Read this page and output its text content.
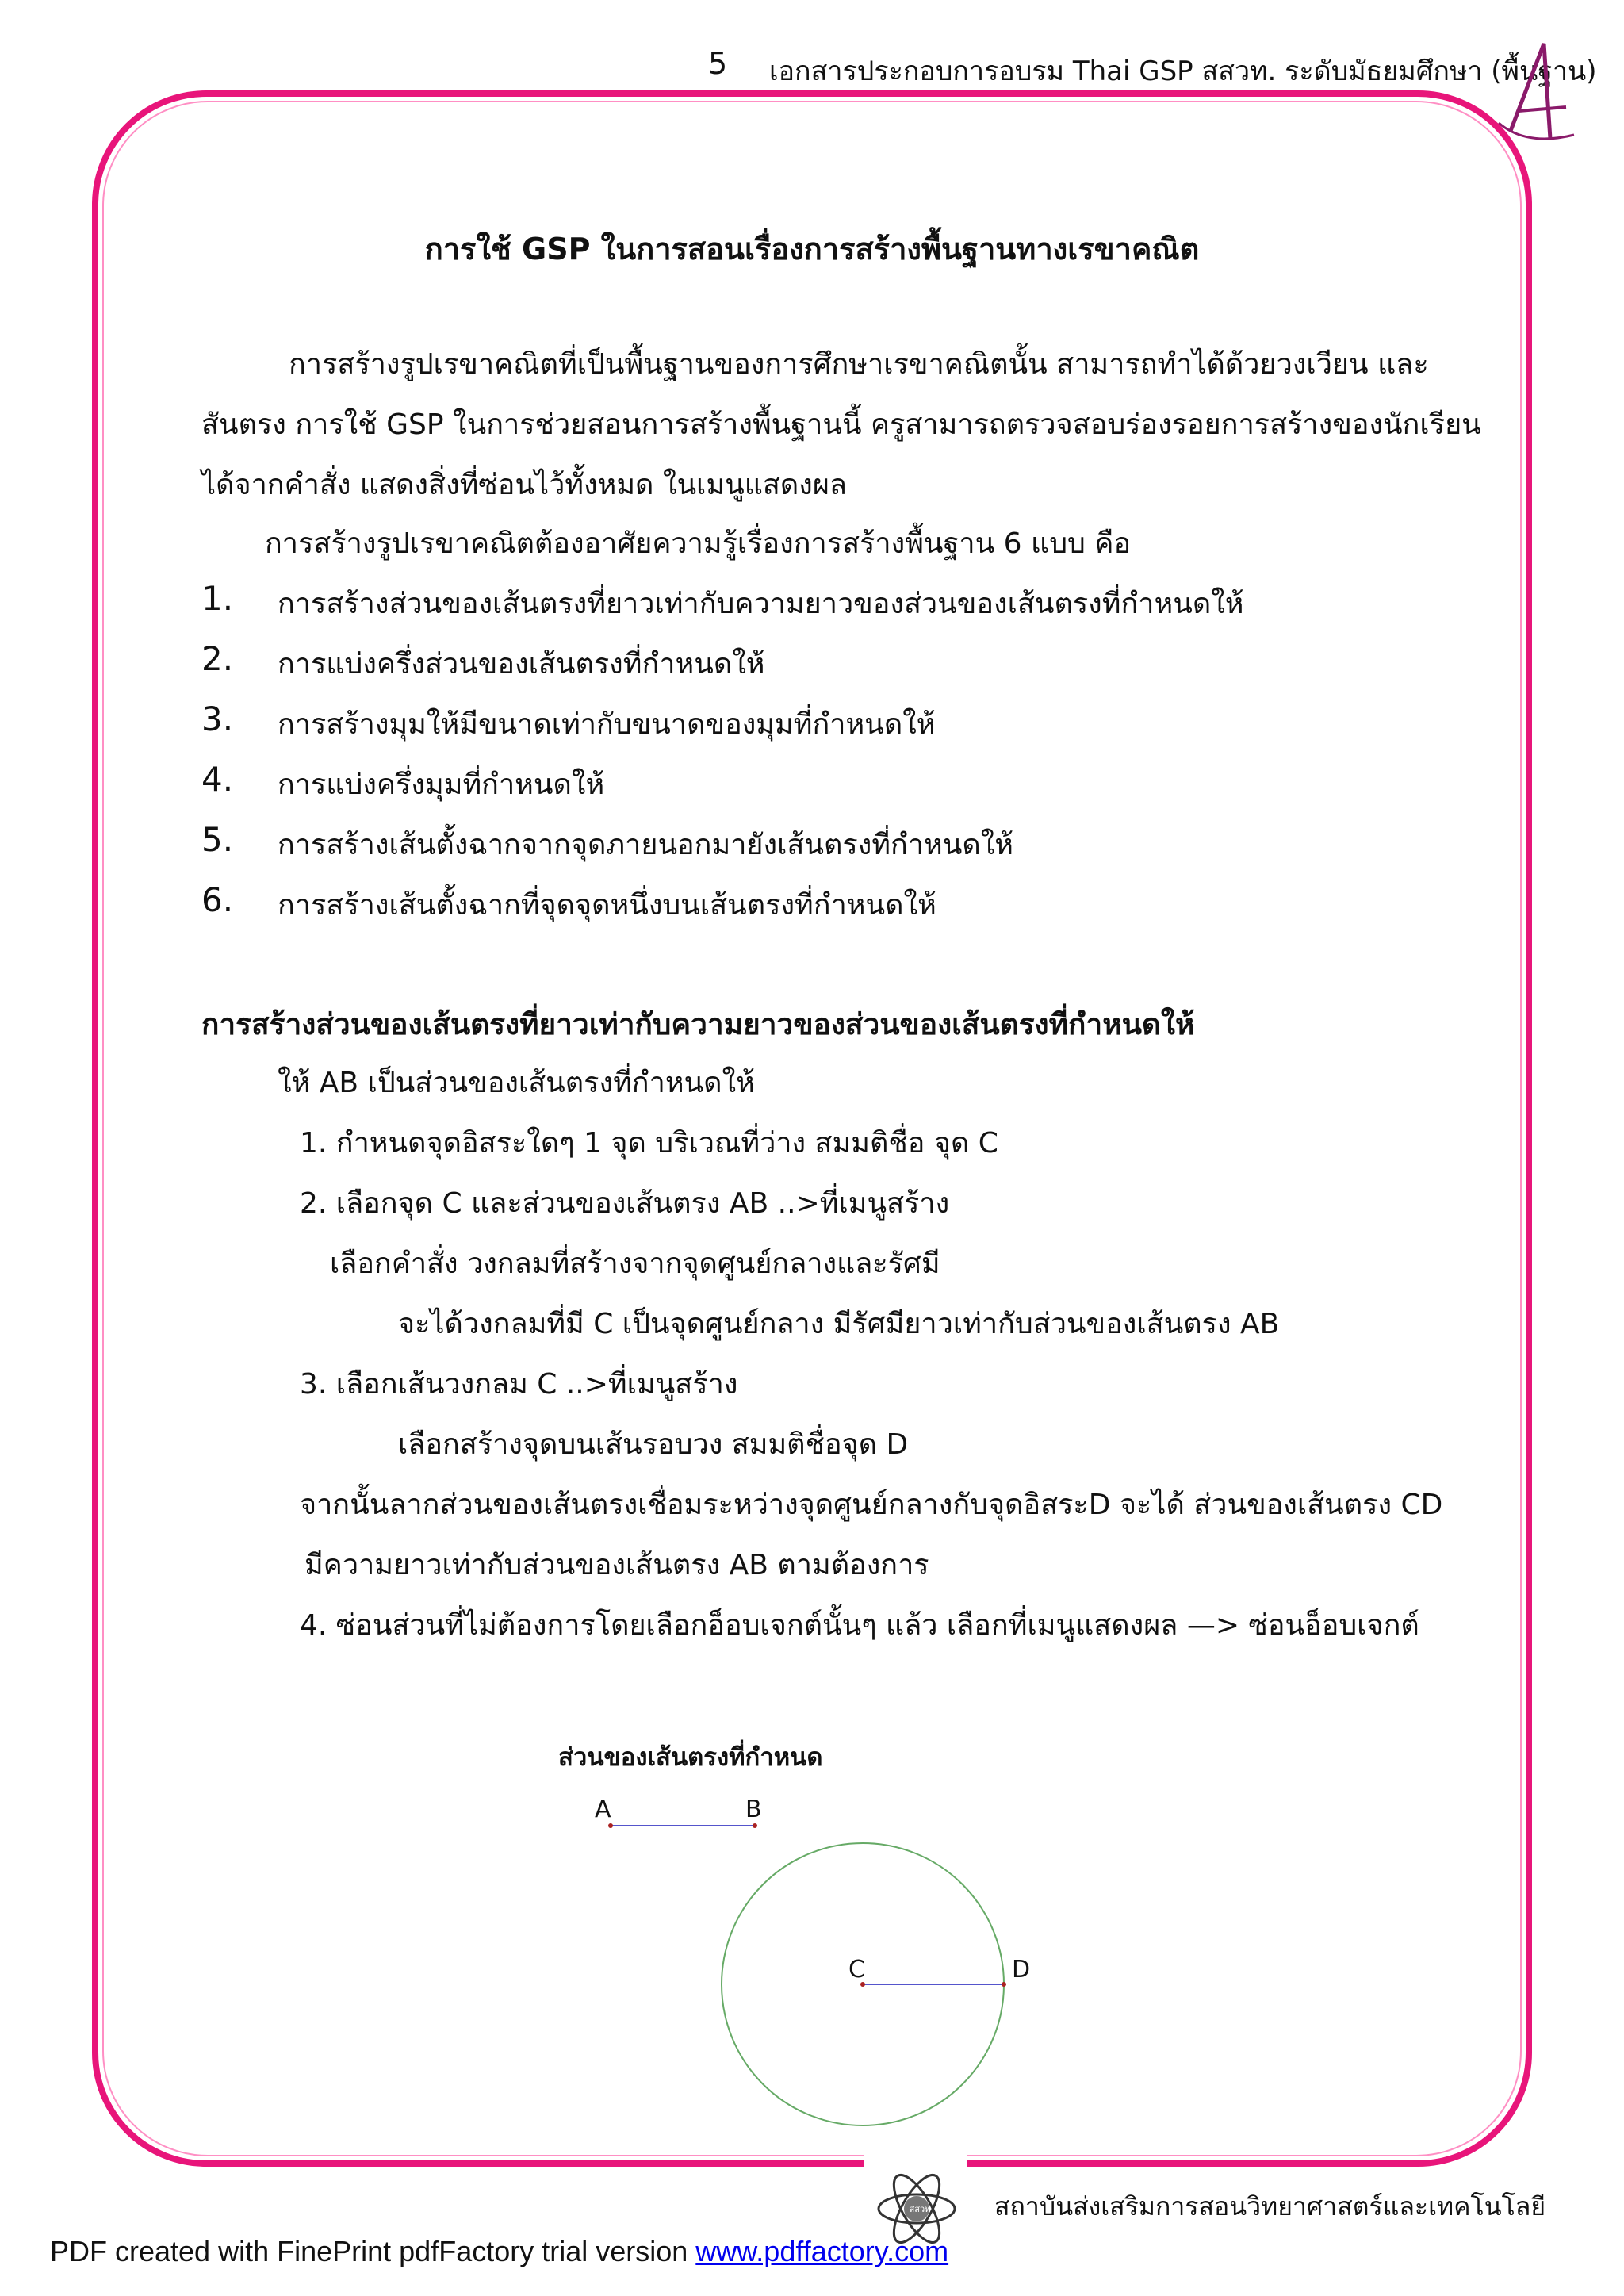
5 เอกสารประกอบการอบรม Thai GSP สสวท. ระดับมัธยมศึกษา (พื้นฐาน)
การใช้ GSP ในการสอนเรื่องการสร้างพื้นฐานทางเรขาคณิต
การสร้างรูปเรขาคณิตที่เป็นพื้นฐานของการศึกษาเรขาคณิตนั้น สามารถทำได้ด้วยวงเวียน และ
สันตรง การใช้ GSP ในการช่วยสอนการสร้างพื้นฐานนี้ ครูสามารถตรวจสอบร่องรอยการสร้างของนักเรียน
ได้จากคำสั่ง แสดงสิ่งที่ซ่อนไว้ทั้งหมด ในเมนูแสดงผล
การสร้างรูปเรขาคณิตต้องอาศัยความรู้เรื่องการสร้างพื้นฐาน 6 แบบ คือ
1. การสร้างส่วนของเส้นตรงที่ยาวเท่ากับความยาวของส่วนของเส้นตรงที่กำหนดให้
2. การแบ่งครึ่งส่วนของเส้นตรงที่กำหนดให้
3. การสร้างมุมให้มีขนาดเท่ากับขนาดของมุมที่กำหนดให้
4. การแบ่งครึ่งมุมที่กำหนดให้
5. การสร้างเส้นตั้งฉากจากจุดภายนอกมายังเส้นตรงที่กำหนดให้
6. การสร้างเส้นตั้งฉากที่จุดจุดหนึ่งบนเส้นตรงที่กำหนดให้
การสร้างส่วนของเส้นตรงที่ยาวเท่ากับความยาวของส่วนของเส้นตรงที่กำหนดให้
ให้ AB เป็นส่วนของเส้นตรงที่กำหนดให้
1. กำหนดจุดอิสระใดๆ 1 จุด บริเวณที่ว่าง สมมติชื่อ จุด C
2. เลือกจุด C และส่วนของเส้นตรง AB ..>ที่เมนูสร้าง
เลือกคำสั่ง วงกลมที่สร้างจากจุดศูนย์กลางและรัศมี
จะได้วงกลมที่มี C เป็นจุดศูนย์กลาง มีรัศมียาวเท่ากับส่วนของเส้นตรง AB
3. เลือกเส้นวงกลม C ..>ที่เมนูสร้าง
เลือกสร้างจุดบนเส้นรอบวง สมมติชื่อจุด D
จากนั้นลากส่วนของเส้นตรงเชื่อมระหว่างจุดศูนย์กลางกับจุดอิสระD จะได้ ส่วนของเส้นตรง CD
มีความยาวเท่ากับส่วนของเส้นตรง AB ตามต้องการ
4. ซ่อนส่วนที่ไม่ต้องการโดยเลือกอ็อบเจกต์นั้นๆ แล้ว เลือกที่เมนูแสดงผล —> ซ่อนอ็อบเจกต์
ส่วนของเส้นตรงที่กำหนด
A	B
C	D
สสวท	สถาบันส่งเสริมการสอนวิทยาศาสตร์และเทคโนโลยี
PDF created with FinePrint pdfFactory trial version www.pdffactory.com
